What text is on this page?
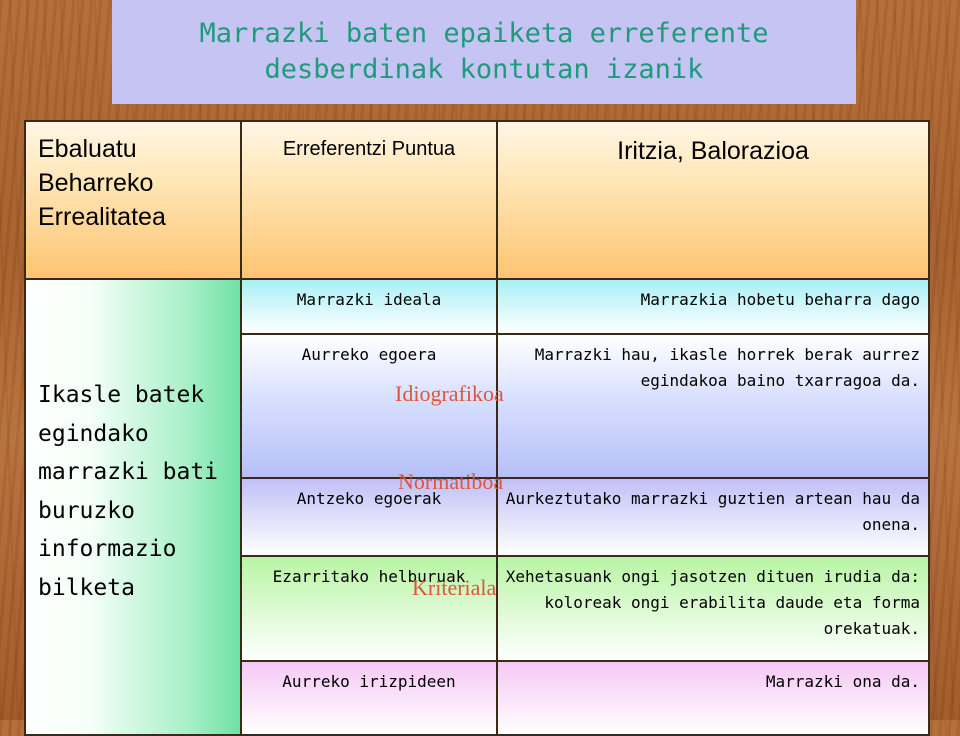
Marrazki baten epaiketa erreferente
desberdinak kontutan izanik
Ebaluatu Beharreko Errealitatea	Erreferentzi Puntua	Iritzia, Balorazioa
Ikasle batek egindako marrazki bati buruzko informazio bilketa	Marrazki ideala	Marrazkia hobetu beharra dago
	Aurreko egoera	Marrazki hau, ikasle horrek berak aurrez egindakoa baino txarragoa da.
	Antzeko egoerak	Aurkeztutako marrazki guztien artean hau da onena.
	Ezarritako helburuak	Xehetasuank ongi jasotzen dituen irudia da: koloreak ongi erabilita daude eta forma orekatuak.
	Aurreko irizpideen	Marrazki ona da.
Idiografikoa
Normatiboa
Kriteriala
